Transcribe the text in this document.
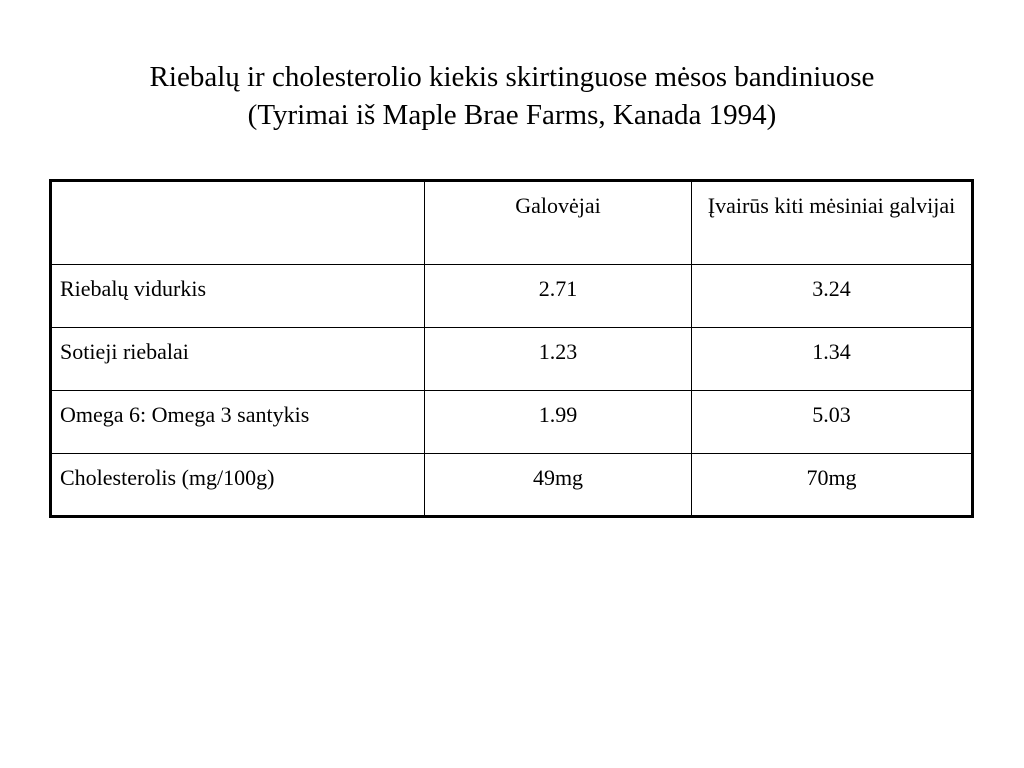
Riebalų ir cholesterolio kiekis skirtinguose mėsos bandiniuose
(Tyrimai iš Maple Brae Farms, Kanada 1994)
	Galovėjai	Įvairūs kiti mėsiniai galvijai
Riebalų vidurkis	2.71	3.24
Sotieji riebalai	1.23	1.34
Omega 6: Omega 3 santykis	1.99	5.03
Cholesterolis (mg/100g)	49mg	70mg
